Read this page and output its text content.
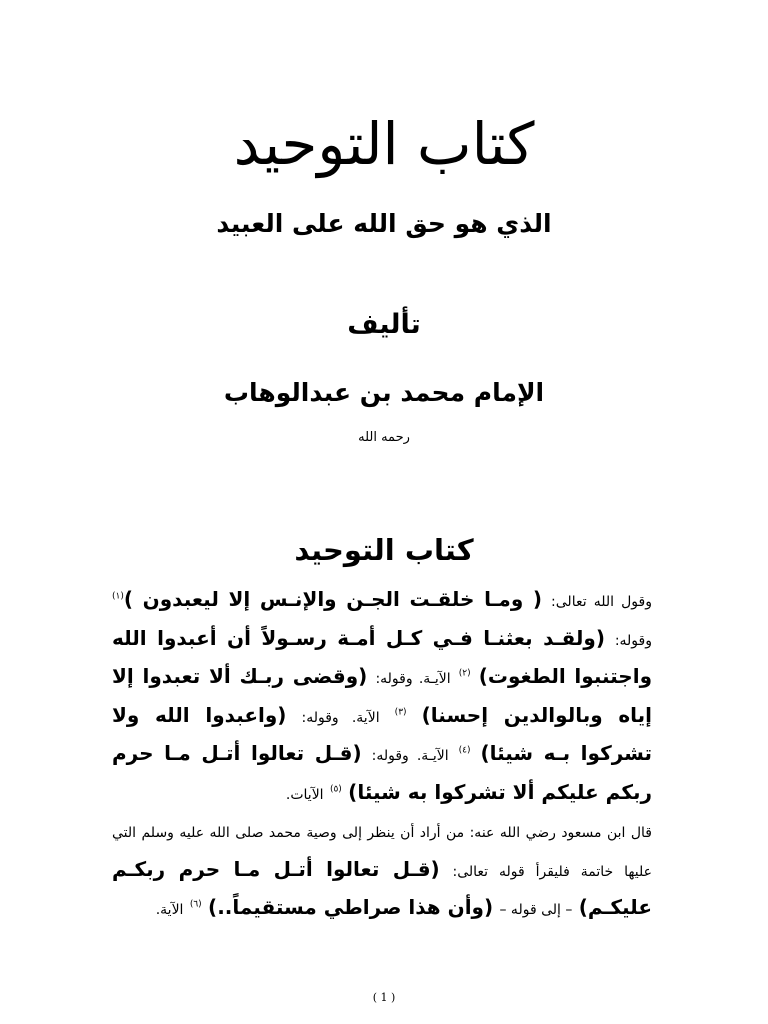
كتاب التوحيد
الذي هو حق الله على العبيد
تأليف
الإمام محمد بن عبدالوهاب
رحمه الله
كتاب التوحيد

وقول الله تعالى: ( ومـا خلقـت الجـن والإنـس إلا ليعبدون )$^{(١)}$ وقوله: (ولقـد بعثنـا فـي كـل أمـة رسـولاً أن أعبدوا الله واجتنبوا الطغوت) $^{(٢)}$ الآيـة. وقوله: (وقضى ربـك ألا تعبدوا إلا إياه وبالوالدين إحسنا) $^{(٣)}$ الآية. وقوله: (واعبدوا الله ولا تشركوا بـه شيئا) $^{(٤)}$ الآيـة. وقوله: (قـل تعالوا أتـل مـا حرم ربكم عليكم ألا تشركوا به شيئا) $^{(٥)}$ الآيات.

قال ابن مسعود رضي الله عنه: من أراد أن ينظر إلى وصية محمد صلى الله عليه وسلم التي عليها خاتمة فليقرأ قوله تعالى: (قـل تعالوا أتـل مـا حرم ربكـم عليكـم) – إلى قوله – (وأن هذا صراطي مستقيماً..) $^{(٦)}$ الآية.

( 1 )
